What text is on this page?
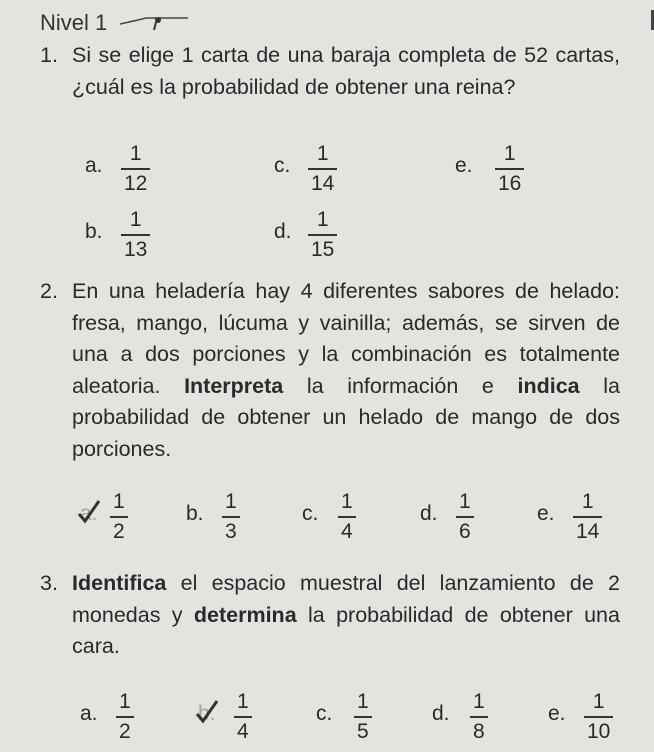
Nivel 1
1. Si se elige 1 carta de una baraja completa de 52 cartas, ¿cuál es la probabilidad de obtener una reina?
a.
1
12
c.
1
14
e.
1
16
b.
1
13
d.
1
15
2. En una heladería hay 4 diferentes sabores de helado: fresa, mango, lúcuma y vainilla; además, se sirven de una a dos porciones y la combinación es totalmente aleatoria. Interpreta la información e indica la probabilidad de obtener un helado de mango de dos porciones.
a.
1
2
b.
1
3
c.
1
4
d.
1
6
e.
1
14
3. Identifica el espacio muestral del lanzamiento de 2 monedas y determina la probabilidad de obtener una cara.
a.
1
2
b.
1
4
c.
1
5
d.
1
8
e.
1
10
